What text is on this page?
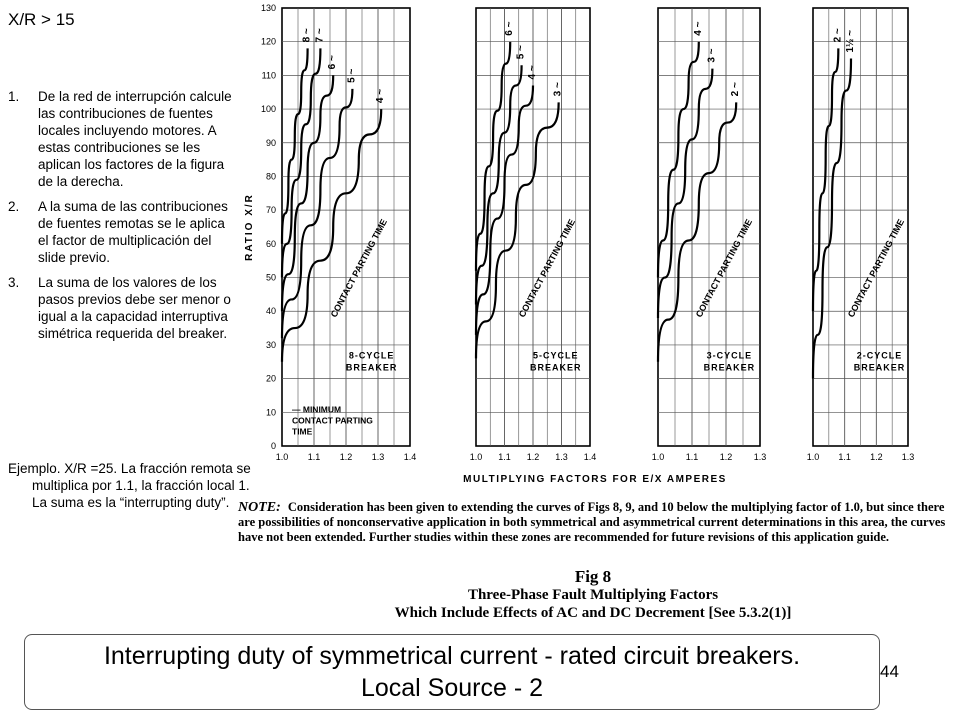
X/R > 15
1. De la red de interrupción calcule las contribuciones de fuentes locales incluyendo motores. A estas contribuciones se les aplican los factores de la figura de la derecha.
2. A la suma de las contribuciones de fuentes remotas se le aplica el factor de multiplicación del slide previo.
3. La suma de los valores de los pasos previos debe ser menor o igual a la capacidad interruptiva simétrica requerida del breaker.
Ejemplo. X/R =25. La fracción remota se multiplica por 1.1, la fracción local 1. La suma es la “interrupting duty”.
RATIO X/R
0
10
20
30
40
50
60
70
80
90
100
110
120
130
1.0 1.1 1.2 1.3 1.4
8 ~ 7 ~
6 ~
5 ~
4 ~
CONTACT PARTING TIME
8-CYCLE
BREAKER
— MINIMUM
CONTACT PARTING
TIME
1.0 1.1 1.2 1.3 1.4
6 ~
5 ~
4 ~
3 ~
CONTACT PARTING TIME
5-CYCLE
BREAKER
1.0 1.1 1.2 1.3
4 ~
3 ~
2 ~
CONTACT PARTING TIME
3-CYCLE
BREAKER
1.0 1.1 1.2 1.3
2 ~ 1½ ~
CONTACT PARTING TIME
2-CYCLE
BREAKER
MULTIPLYING FACTORS FOR E/X AMPERES
NOTE: Consideration has been given to extending the curves of Figs 8, 9, and 10 below the multiplying factor of 1.0, but since there are possibilities of nonconservative application in both symmetrical and asymmetrical current determinations in this area, the curves have not been extended. Further studies within these zones are recommended for future revisions of this application guide.
Fig 8
Three-Phase Fault Multiplying Factors
Which Include Effects of AC and DC Decrement [See 5.3.2(1)]
Interrupting duty of symmetrical current - rated circuit breakers.
Local Source - 2
44
